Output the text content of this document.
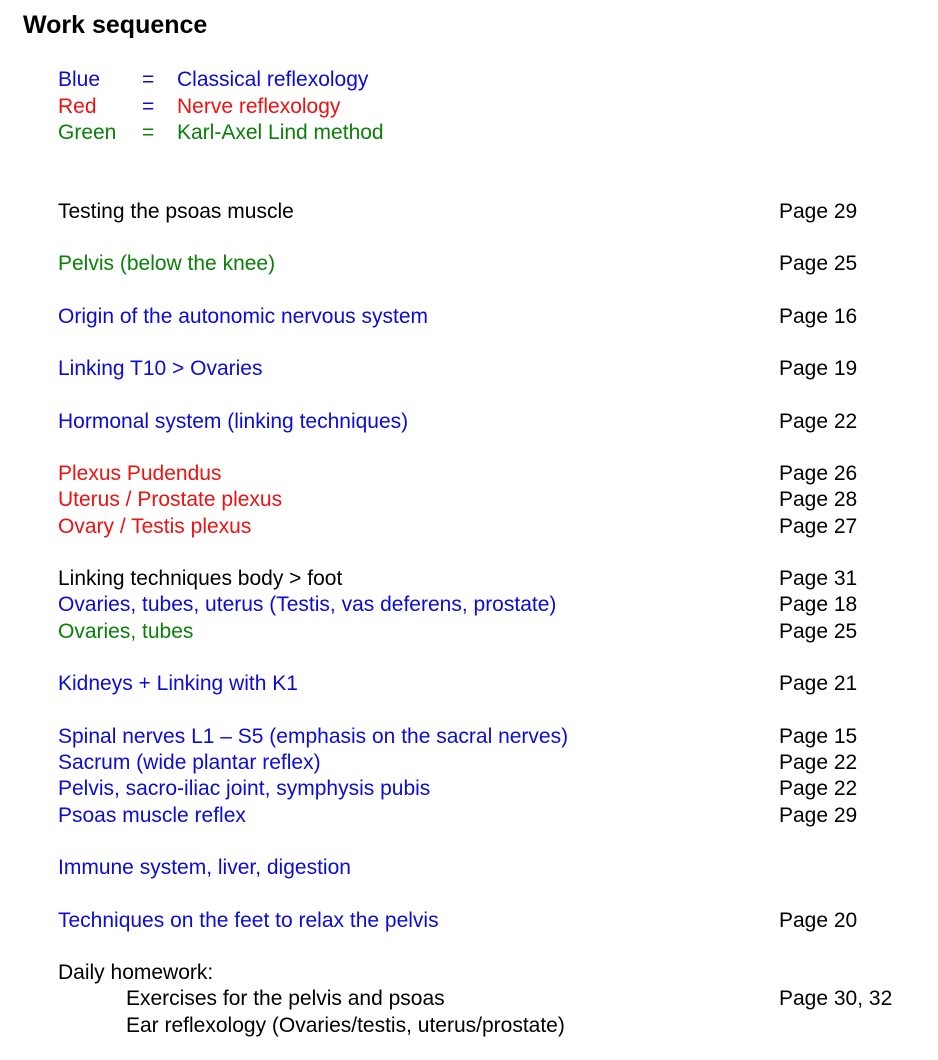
Work sequence
Blue = Classical reflexology
Red = Nerve reflexology
Green = Karl-Axel Lind method
Testing the psoas muscle	Page 29
Pelvis (below the knee)	Page 25
Origin of the autonomic nervous system	Page 16
Linking T10 > Ovaries	Page 19
Hormonal system (linking techniques)	Page 22
Plexus Pudendus	Page 26
Uterus / Prostate plexus	Page 28
Ovary / Testis plexus	Page 27
Linking techniques body > foot	Page 31
Ovaries, tubes, uterus (Testis, vas deferens, prostate)	Page 18
Ovaries, tubes	Page 25
Kidneys + Linking with K1	Page 21
Spinal nerves L1 – S5 (emphasis on the sacral nerves)	Page 15
Sacrum (wide plantar reflex)	Page 22
Pelvis, sacro-iliac joint, symphysis pubis	Page 22
Psoas muscle reflex	Page 29
Immune system, liver, digestion
Techniques on the feet to relax the pelvis	Page 20
Daily homework:
Exercises for the pelvis and psoas	Page 30, 32
Ear reflexology (Ovaries/testis, uterus/prostate)
